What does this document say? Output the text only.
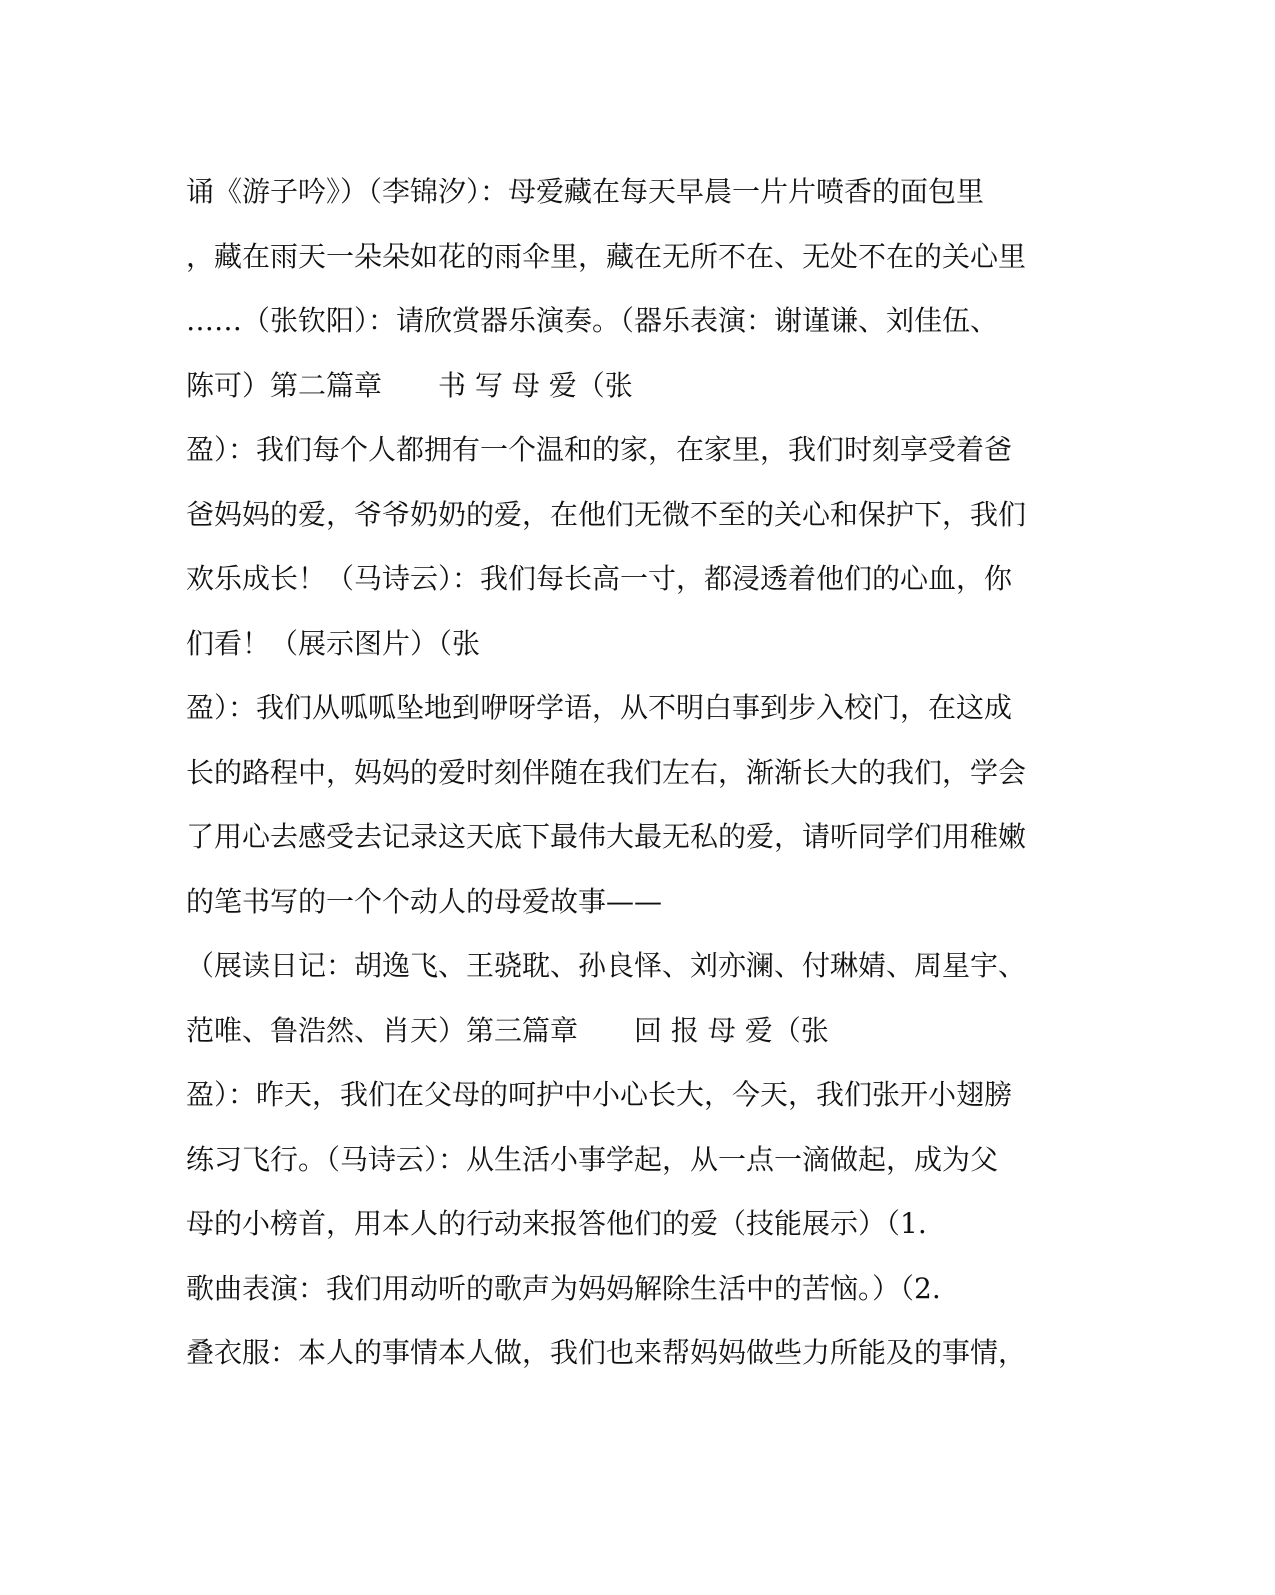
诵《游子吟》）（李锦汐）：母爱藏在每天早晨一片片喷香的面包里
，藏在雨天一朵朵如花的雨伞里，藏在无所不在、无处不在的关心里
……（张钦阳）：请欣赏器乐演奏。（器乐表演：谢谨谦、刘佳伍、
陈可）第二篇章　　书 写 母 爱（张
盈）：我们每个人都拥有一个温和的家，在家里，我们时刻享受着爸
爸妈妈的爱，爷爷奶奶的爱，在他们无微不至的关心和保护下，我们
欢乐成长！（马诗云）：我们每长高一寸，都浸透着他们的心血，你
们看！（展示图片）（张
盈）：我们从呱呱坠地到咿呀学语，从不明白事到步入校门，在这成
长的路程中，妈妈的爱时刻伴随在我们左右，渐渐长大的我们，学会
了用心去感受去记录这天底下最伟大最无私的爱，请听同学们用稚嫩
的笔书写的一个个动人的母爱故事——
（展读日记：胡逸飞、王骁耽、孙良怿、刘亦澜、付琳婧、周星宇、
范唯、鲁浩然、肖天）第三篇章　　回 报 母 爱（张
盈）：昨天，我们在父母的呵护中小心长大，今天，我们张开小翅膀
练习飞行。（马诗云）：从生活小事学起，从一点一滴做起，成为父
母的小榜首，用本人的行动来报答他们的爱（技能展示）（1.
歌曲表演：我们用动听的歌声为妈妈解除生活中的苦恼。）（2.
叠衣服：本人的事情本人做，我们也来帮妈妈做些力所能及的事情，
